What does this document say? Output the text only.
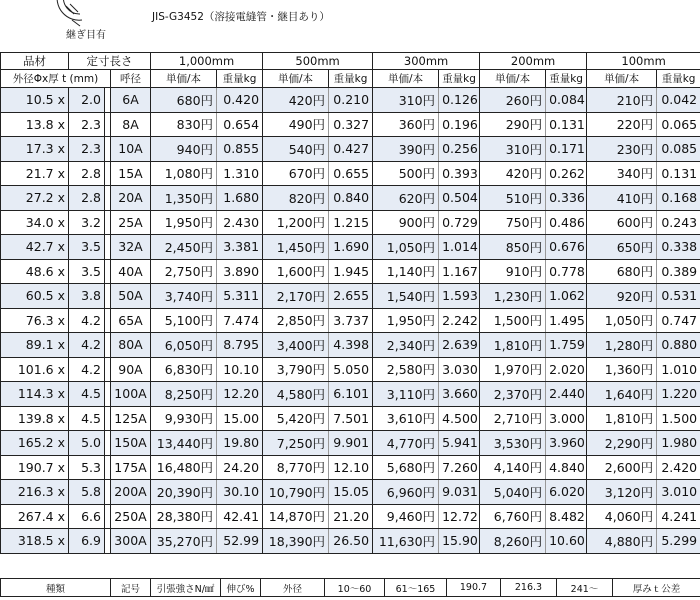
継ぎ目有
JIS-G3452（溶接電縫管・継目あり）
品材	定寸長さ			1,000mm		500mm		300mm		200mm		100mm	
外径Φx厚 t (mm)			呼径	単価/本	重量kg	単価/本	重量kg	単価/本	重量kg	単価/本	重量kg	単価/本	重量kg
10.5 x	2.0		6A	680円	0.420	420円	0.210	310円	0.126	260円	0.084	210円	0.042
13.8 x	2.3		8A	830円	0.654	490円	0.327	360円	0.196	290円	0.131	220円	0.065
17.3 x	2.3		10A	940円	0.855	540円	0.427	390円	0.256	310円	0.171	230円	0.085
21.7 x	2.8		15A	1,080円	1.310	670円	0.655	500円	0.393	420円	0.262	340円	0.131
27.2 x	2.8		20A	1,350円	1.680	820円	0.840	620円	0.504	510円	0.336	410円	0.168
34.0 x	3.2		25A	1,950円	2.430	1,200円	1.215	900円	0.729	750円	0.486	600円	0.243
42.7 x	3.5		32A	2,450円	3.381	1,450円	1.690	1,050円	1.014	850円	0.676	650円	0.338
48.6 x	3.5		40A	2,750円	3.890	1,600円	1.945	1,140円	1.167	910円	0.778	680円	0.389
60.5 x	3.8		50A	3,740円	5.311	2,170円	2.655	1,540円	1.593	1,230円	1.062	920円	0.531
76.3 x	4.2		65A	5,100円	7.474	2,850円	3.737	1,950円	2.242	1,500円	1.495	1,050円	0.747
89.1 x	4.2		80A	6,050円	8.795	3,400円	4.398	2,340円	2.639	1,810円	1.759	1,280円	0.880
101.6 x	4.2		90A	6,830円	10.10	3,790円	5.050	2,580円	3.030	1,970円	2.020	1,360円	1.010
114.3 x	4.5		100A	8,250円	12.20	4,580円	6.101	3,110円	3.660	2,370円	2.440	1,640円	1.220
139.8 x	4.5		125A	9,930円	15.00	5,420円	7.501	3,610円	4.500	2,710円	3.000	1,810円	1.500
165.2 x	5.0		150A	13,440円	19.80	7,250円	9.901	4,770円	5.941	3,530円	3.960	2,290円	1.980
190.7 x	5.3		175A	16,480円	24.20	8,770円	12.10	5,680円	7.260	4,140円	4.840	2,600円	2.420
216.3 x	5.8		200A	20,390円	30.10	10,790円	15.05	6,960円	9.031	5,040円	6.020	3,120円	3.010
267.4 x	6.6		250A	28,380円	42.41	14,870円	21.20	9,460円	12.72	6,760円	8.482	4,060円	4.241
318.5 x	6.9		300A	35,270円	52.99	18,390円	26.50	11,630円	15.90	8,260円	10.60	4,880円	5.299
種類	記号	引張強さN/㎟	伸び%	外径	10～60	61～165	190.7	216.3	241～	厚みｔ公差
